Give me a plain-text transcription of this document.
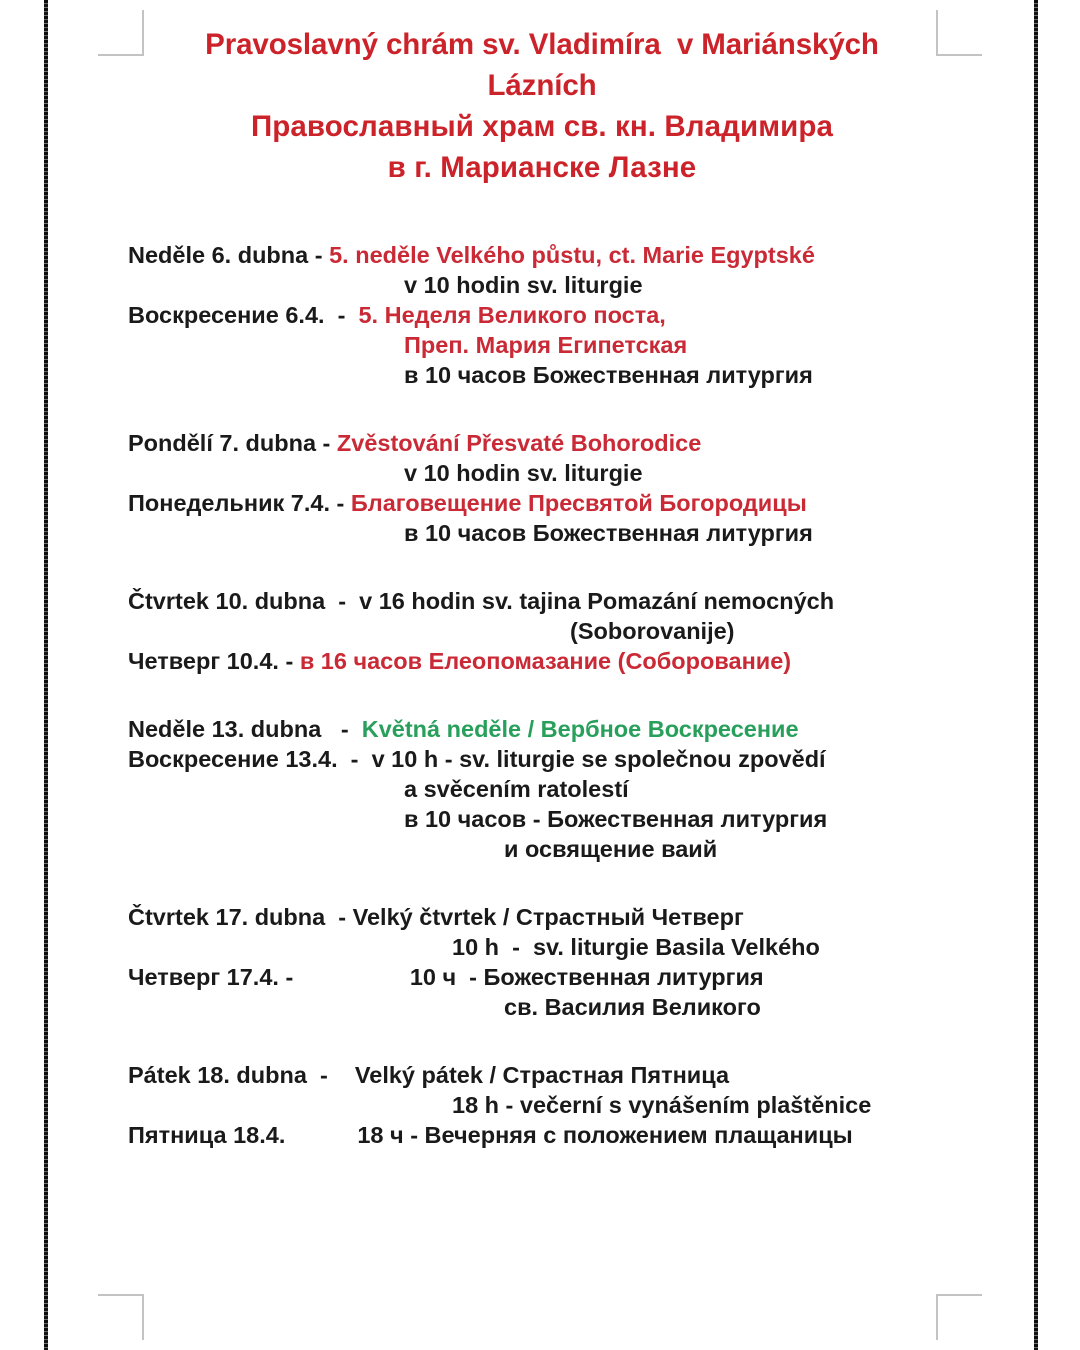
Pravoslavný chrám sv. Vladimíra  v Mariánských
Lázních
Православный храм св. кн. Владимира
в г. Марианске Лазне
Neděle 6. dubna - 5. neděle Velkého půstu, ct. Marie Egyptské
v 10 hodin sv. liturgie
Воскресение 6.4.  -  5. Неделя Великого поста,
Преп. Мария Египетская
в 10 часов Божественная литургия
Pondělí 7. dubna - Zvěstování Přesvaté Bohorodice
v 10 hodin sv. liturgie
Понедельник 7.4. - Благовещение Пресвятой Богородицы
в 10 часов Божественная литургия
Čtvrtek 10. dubna  -  v 16 hodin sv. tajina Pomazání nemocných
(Soborovanije)
Четверг 10.4. - в 16 часов Елеопомазание (Соборование)
Neděle 13. dubna   -  Květná neděle / Вербное Воскресение
Воскресение 13.4.  -  v 10 h - sv. liturgie se společnou zpovědí
a svěcením ratolestí
в 10 часов - Божественная литургия
и освящение ваий
Čtvrtek 17. dubna  - Velký čtvrtek / Страстный Четверг
10 h  -  sv. liturgie Basila Velkého
Четверг 17.4. -	10 ч  - Божественная литургия
св. Василия Великого
Pátek 18. dubna  -  Velký pátek / Страстная Пятница
18 h - večerní s vynášením plaštěnice
Пятница 18.4.	18 ч - Вечерняя с положением плащаницы
